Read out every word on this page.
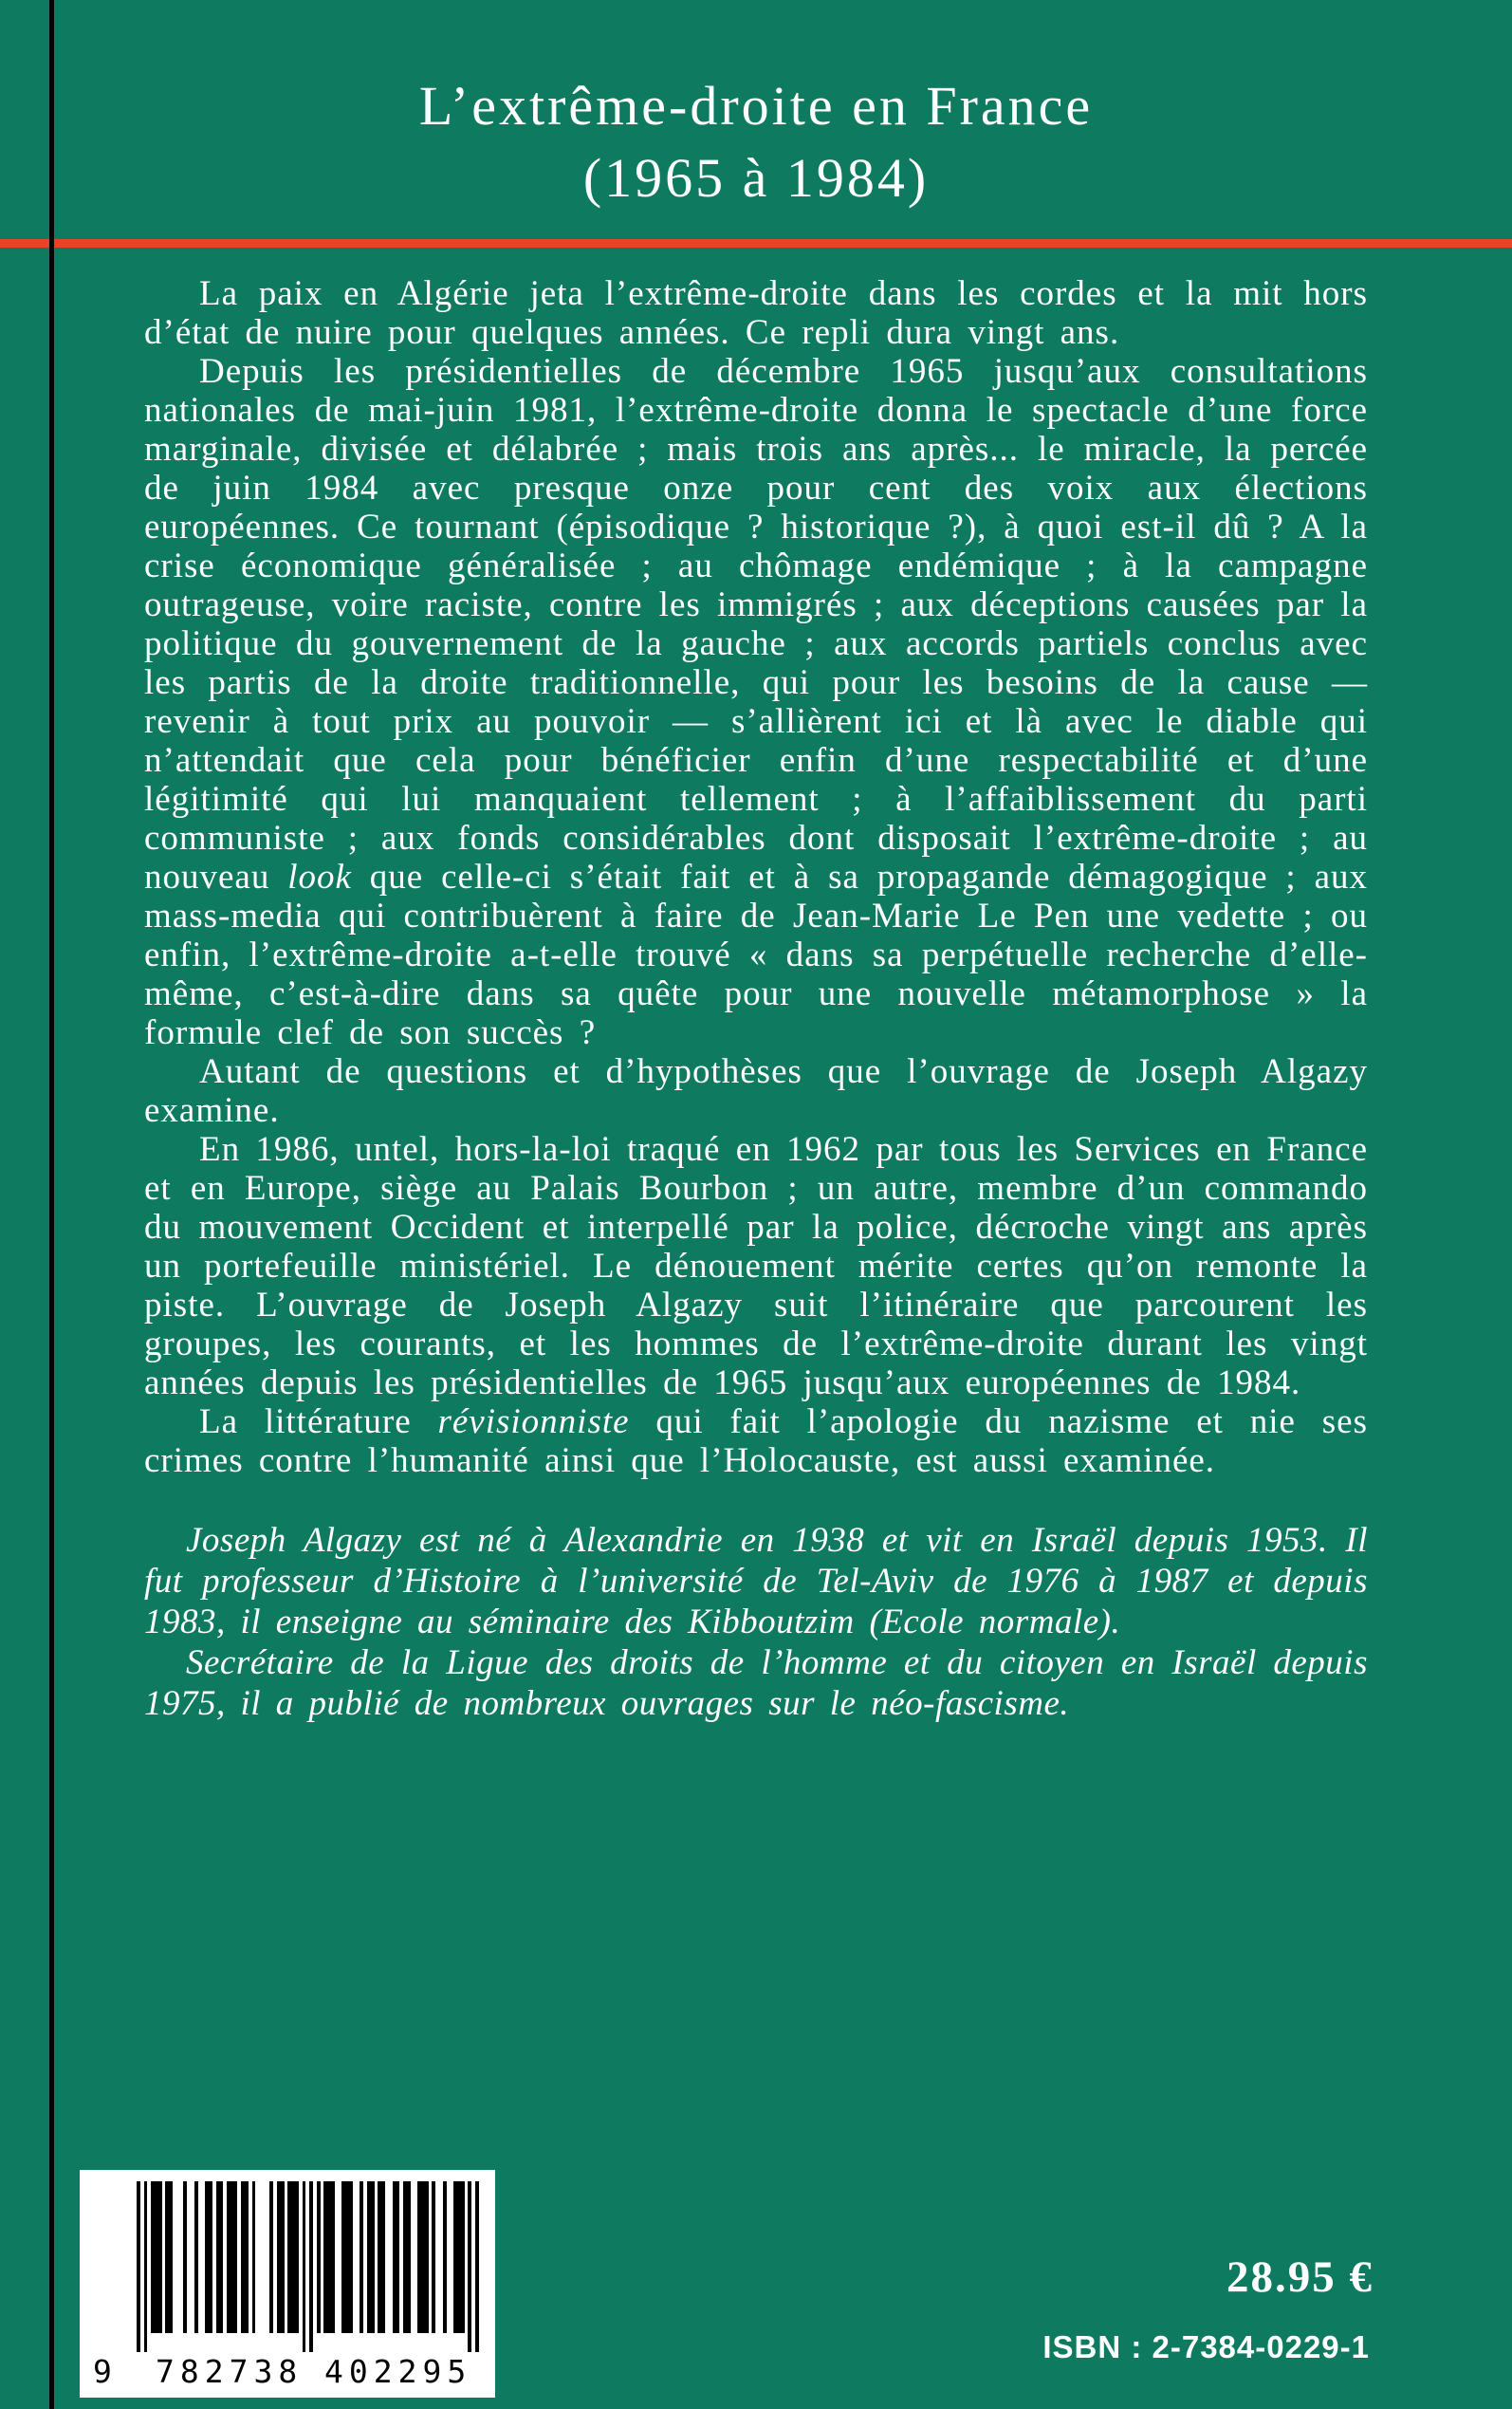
L’extrême-droite en France
(1965 à 1984)

La paix en Algérie jeta l’extrême-droite dans les cordes et la mit hors d’état de nuire pour quelques années. Ce repli dura vingt ans.

Depuis les présidentielles de décembre 1965 jusqu’aux consultations nationales de mai-juin 1981, l’extrême-droite donna le spectacle d’une force marginale, divisée et délabrée ; mais trois ans après... le miracle, la percée de juin 1984 avec presque onze pour cent des voix aux élections européennes. Ce tournant (épisodique ? historique ?), à quoi est-il dû ? A la crise économique généralisée ; au chômage endémique ; à la campagne outrageuse, voire raciste, contre les immigrés ; aux déceptions causées par la politique du gouvernement de la gauche ; aux accords partiels conclus avec les partis de la droite traditionnelle, qui pour les besoins de la cause — revenir à tout prix au pouvoir — s’allièrent ici et là avec le diable qui n’attendait que cela pour bénéficier enfin d’une respectabilité et d’une légitimité qui lui manquaient tellement ; à l’affaiblissement du parti communiste ; aux fonds considérables dont disposait l’extrême-droite ; au nouveau look que celle-ci s’était fait et à sa propagande démagogique ; aux mass-media qui contribuèrent à faire de Jean-Marie Le Pen une vedette ; ou enfin, l’extrême-droite a-t-elle trouvé « dans sa perpétuelle recherche d’elle-même, c’est-à-dire dans sa quête pour une nouvelle métamorphose » la formule clef de son succès ?

Autant de questions et d’hypothèses que l’ouvrage de Joseph Algazy examine.

En 1986, untel, hors-la-loi traqué en 1962 par tous les Services en France et en Europe, siège au Palais Bourbon ; un autre, membre d’un commando du mouvement Occident et interpellé par la police, décroche vingt ans après un portefeuille ministériel. Le dénouement mérite certes qu’on remonte la piste. L’ouvrage de Joseph Algazy suit l’itinéraire que parcourent les groupes, les courants, et les hommes de l’extrême-droite durant les vingt années depuis les présidentielles de 1965 jusqu’aux européennes de 1984.

La littérature révisionniste qui fait l’apologie du nazisme et nie ses crimes contre l’humanité ainsi que l’Holocauste, est aussi examinée.

Joseph Algazy est né à Alexandrie en 1938 et vit en Israël depuis 1953. Il fut professeur d’Histoire à l’université de Tel-Aviv de 1976 à 1987 et depuis 1983, il enseigne au séminaire des Kibboutzim (Ecole normale).

Secrétaire de la Ligue des droits de l’homme et du citoyen en Israël depuis 1975, il a publié de nombreux ouvrages sur le néo-fascisme.

9 782738 402295
28.95 €
ISBN : 2-7384-0229-1
